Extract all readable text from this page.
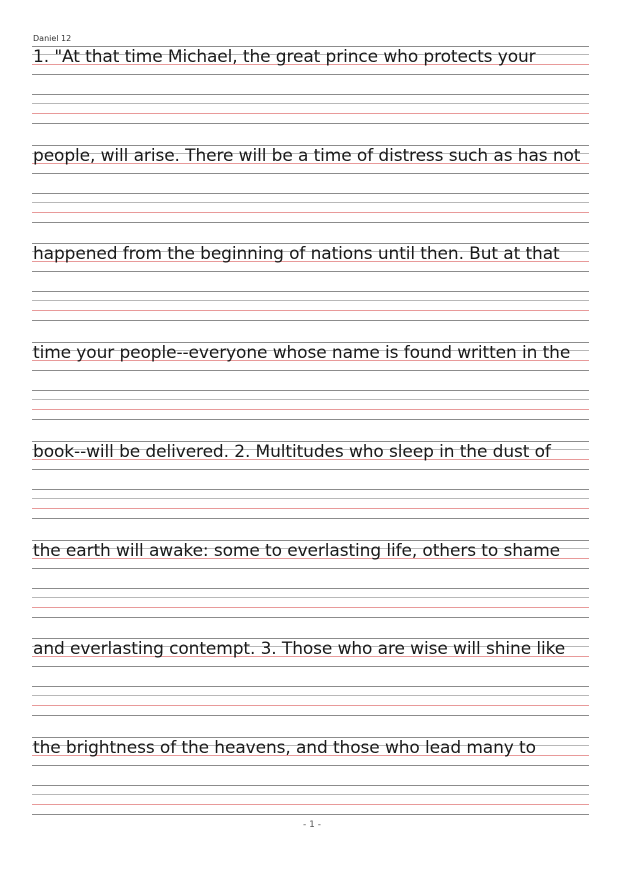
Daniel 12
1. "At that time Michael, the great prince who protects your
people, will arise. There will be a time of distress such as has not
happened from the beginning of nations until then. But at that
time your people--everyone whose name is found written in the
book--will be delivered. 2. Multitudes who sleep in the dust of
the earth will awake: some to everlasting life, others to shame
and everlasting contempt. 3. Those who are wise will shine like
the brightness of the heavens, and those who lead many to
- 1 -
